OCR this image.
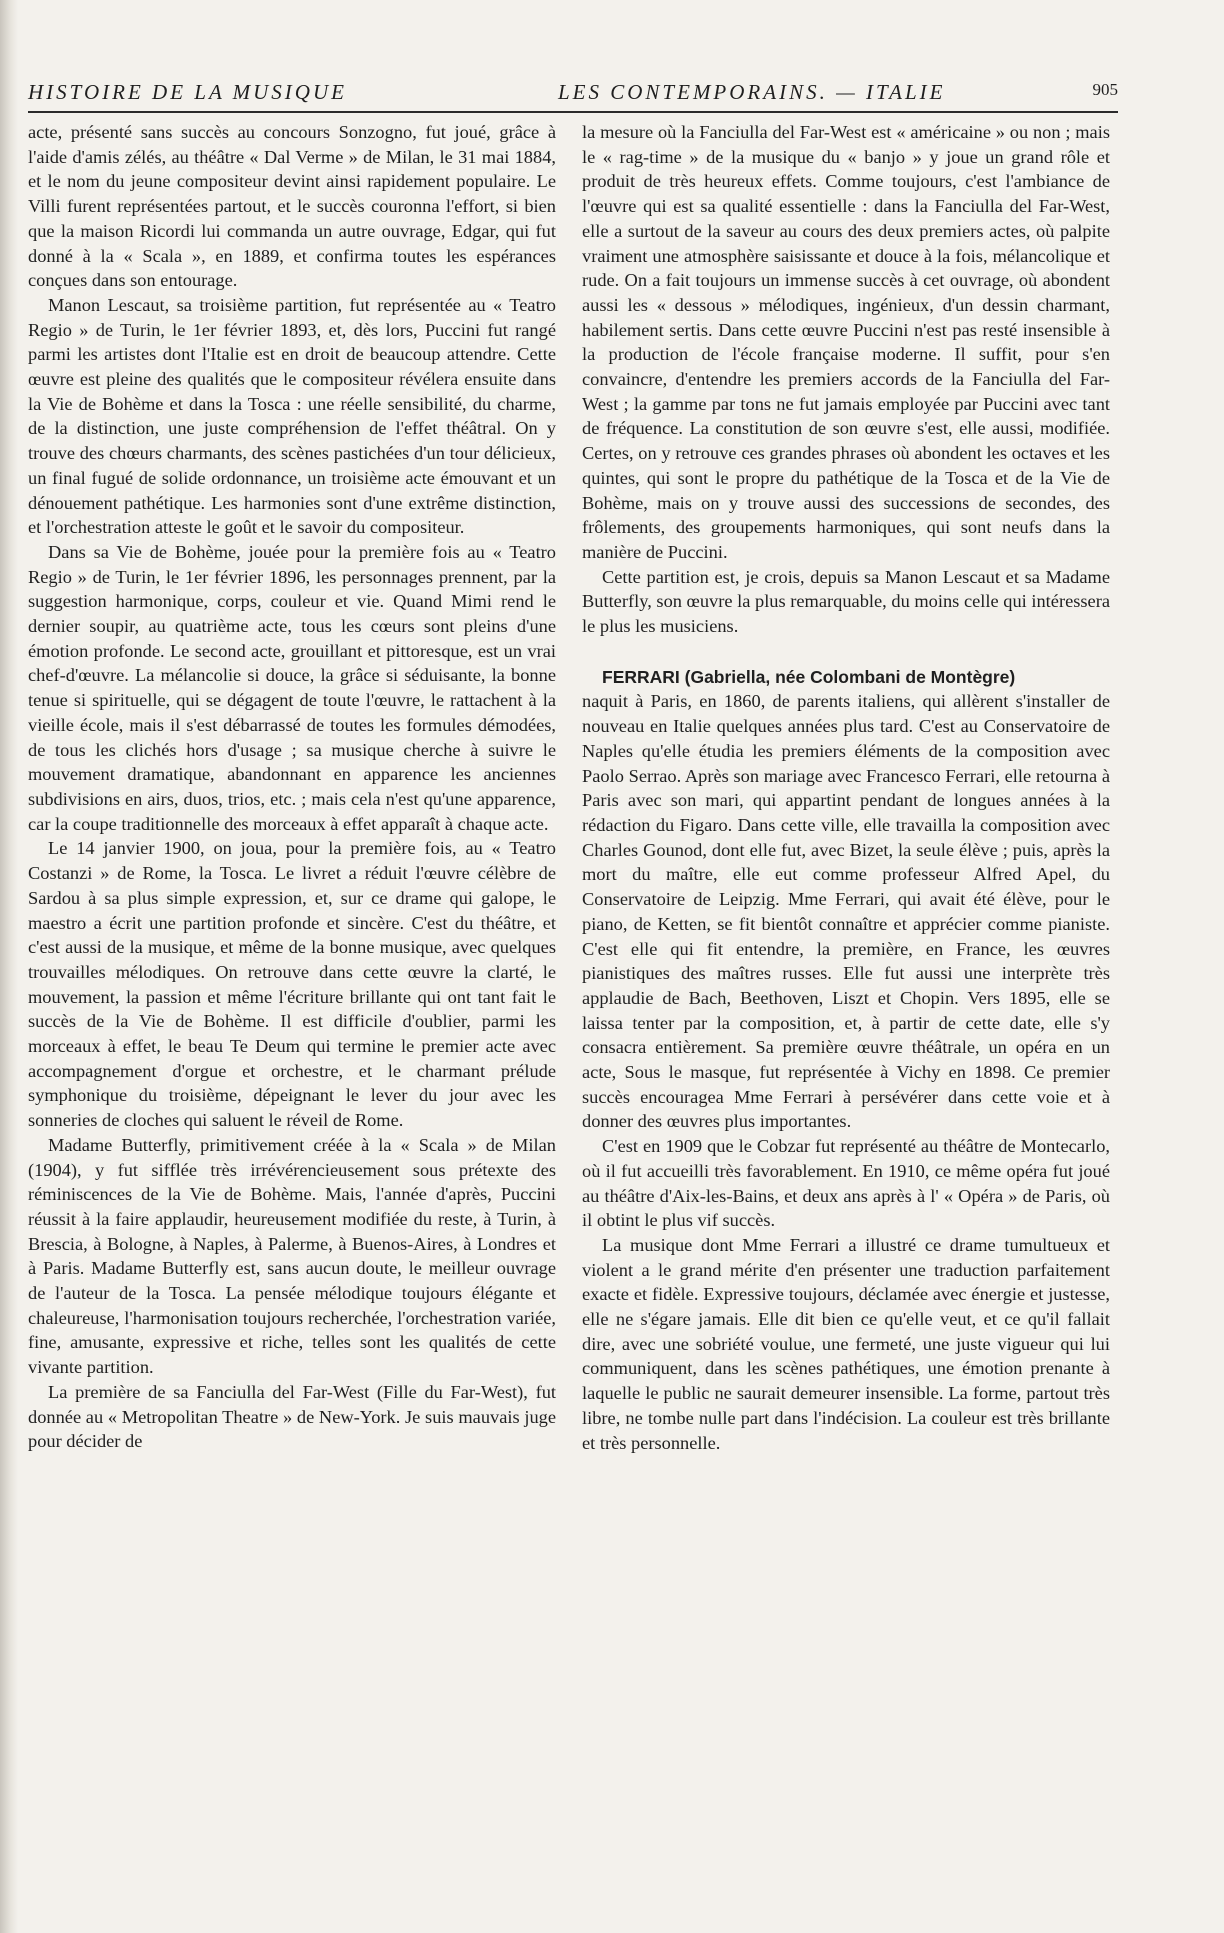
HISTOIRE DE LA MUSIQUE	LES CONTEMPORAINS. — ITALIE	905

acte, présenté sans succès au concours Sonzogno, fut joué, grâce à l'aide d'amis zélés, au théâtre « Dal Verme » de Milan, le 31 mai 1884, et le nom du jeune compositeur devint ainsi rapidement populaire. Le Villi furent représentées partout, et le succès couronna l'effort, si bien que la maison Ricordi lui commanda un autre ouvrage, Edgar, qui fut donné à la « Scala », en 1889, et confirma toutes les espérances conçues dans son entourage.

Manon Lescaut, sa troisième partition, fut représentée au « Teatro Regio » de Turin, le 1er février 1893, et, dès lors, Puccini fut rangé parmi les artistes dont l'Italie est en droit de beaucoup attendre. Cette œuvre est pleine des qualités que le compositeur révélera ensuite dans la Vie de Bohème et dans la Tosca : une réelle sensibilité, du charme, de la distinction, une juste compréhension de l'effet théâtral. On y trouve des chœurs charmants, des scènes pastichées d'un tour délicieux, un final fugué de solide ordonnance, un troisième acte émouvant et un dénouement pathétique. Les harmonies sont d'une extrême distinction, et l'orchestration atteste le goût et le savoir du compositeur.

Dans sa Vie de Bohème, jouée pour la première fois au « Teatro Regio » de Turin, le 1er février 1896, les personnages prennent, par la suggestion harmonique, corps, couleur et vie. Quand Mimi rend le dernier soupir, au quatrième acte, tous les cœurs sont pleins d'une émotion profonde. Le second acte, grouillant et pittoresque, est un vrai chef-d'œuvre. La mélancolie si douce, la grâce si séduisante, la bonne tenue si spirituelle, qui se dégagent de toute l'œuvre, le rattachent à la vieille école, mais il s'est débarrassé de toutes les formules démodées, de tous les clichés hors d'usage ; sa musique cherche à suivre le mouvement dramatique, abandonnant en apparence les anciennes subdivisions en airs, duos, trios, etc. ; mais cela n'est qu'une apparence, car la coupe traditionnelle des morceaux à effet apparaît à chaque acte.

Le 14 janvier 1900, on joua, pour la première fois, au « Teatro Costanzi » de Rome, la Tosca. Le livret a réduit l'œuvre célèbre de Sardou à sa plus simple expression, et, sur ce drame qui galope, le maestro a écrit une partition profonde et sincère. C'est du théâtre, et c'est aussi de la musique, et même de la bonne musique, avec quelques trouvailles mélodiques. On retrouve dans cette œuvre la clarté, le mouvement, la passion et même l'écriture brillante qui ont tant fait le succès de la Vie de Bohème. Il est difficile d'oublier, parmi les morceaux à effet, le beau Te Deum qui termine le premier acte avec accompagnement d'orgue et orchestre, et le charmant prélude symphonique du troisième, dépeignant le lever du jour avec les sonneries de cloches qui saluent le réveil de Rome.

Madame Butterfly, primitivement créée à la « Scala » de Milan (1904), y fut sifflée très irrévérencieusement sous prétexte des réminiscences de la Vie de Bohème. Mais, l'année d'après, Puccini réussit à la faire applaudir, heureusement modifiée du reste, à Turin, à Brescia, à Bologne, à Naples, à Palerme, à Buenos-Aires, à Londres et à Paris. Madame Butterfly est, sans aucun doute, le meilleur ouvrage de l'auteur de la Tosca. La pensée mélodique toujours élégante et chaleureuse, l'harmonisation toujours recherchée, l'orchestration variée, fine, amusante, expressive et riche, telles sont les qualités de cette vivante partition.

La première de sa Fanciulla del Far-West (Fille du Far-West), fut donnée au « Metropolitan Theatre » de New-York. Je suis mauvais juge pour décider de

la mesure où la Fanciulla del Far-West est « américaine » ou non ; mais le « rag-time » de la musique du « banjo » y joue un grand rôle et produit de très heureux effets. Comme toujours, c'est l'ambiance de l'œuvre qui est sa qualité essentielle : dans la Fanciulla del Far-West, elle a surtout de la saveur au cours des deux premiers actes, où palpite vraiment une atmosphère saisissante et douce à la fois, mélancolique et rude. On a fait toujours un immense succès à cet ouvrage, où abondent aussi les « dessous » mélodiques, ingénieux, d'un dessin charmant, habilement sertis. Dans cette œuvre Puccini n'est pas resté insensible à la production de l'école française moderne. Il suffit, pour s'en convaincre, d'entendre les premiers accords de la Fanciulla del Far-West ; la gamme par tons ne fut jamais employée par Puccini avec tant de fréquence. La constitution de son œuvre s'est, elle aussi, modifiée. Certes, on y retrouve ces grandes phrases où abondent les octaves et les quintes, qui sont le propre du pathétique de la Tosca et de la Vie de Bohème, mais on y trouve aussi des successions de secondes, des frôlements, des groupements harmoniques, qui sont neufs dans la manière de Puccini.

Cette partition est, je crois, depuis sa Manon Lescaut et sa Madame Butterfly, son œuvre la plus remarquable, du moins celle qui intéressera le plus les musiciens.

FERRARI (Gabriella, née Colombani de Montègre)

naquit à Paris, en 1860, de parents italiens, qui allèrent s'installer de nouveau en Italie quelques années plus tard. C'est au Conservatoire de Naples qu'elle étudia les premiers éléments de la composition avec Paolo Serrao. Après son mariage avec Francesco Ferrari, elle retourna à Paris avec son mari, qui appartint pendant de longues années à la rédaction du Figaro. Dans cette ville, elle travailla la composition avec Charles Gounod, dont elle fut, avec Bizet, la seule élève ; puis, après la mort du maître, elle eut comme professeur Alfred Apel, du Conservatoire de Leipzig. Mme Ferrari, qui avait été élève, pour le piano, de Ketten, se fit bientôt connaître et apprécier comme pianiste. C'est elle qui fit entendre, la première, en France, les œuvres pianistiques des maîtres russes. Elle fut aussi une interprète très applaudie de Bach, Beethoven, Liszt et Chopin. Vers 1895, elle se laissa tenter par la composition, et, à partir de cette date, elle s'y consacra entièrement. Sa première œuvre théâtrale, un opéra en un acte, Sous le masque, fut représentée à Vichy en 1898. Ce premier succès encouragea Mme Ferrari à persévérer dans cette voie et à donner des œuvres plus importantes.

C'est en 1909 que le Cobzar fut représenté au théâtre de Montecarlo, où il fut accueilli très favorablement. En 1910, ce même opéra fut joué au théâtre d'Aix-les-Bains, et deux ans après à l' « Opéra » de Paris, où il obtint le plus vif succès.

La musique dont Mme Ferrari a illustré ce drame tumultueux et violent a le grand mérite d'en présenter une traduction parfaitement exacte et fidèle. Expressive toujours, déclamée avec énergie et justesse, elle ne s'égare jamais. Elle dit bien ce qu'elle veut, et ce qu'il fallait dire, avec une sobriété voulue, une fermeté, une juste vigueur qui lui communiquent, dans les scènes pathétiques, une émotion prenante à laquelle le public ne saurait demeurer insensible. La forme, partout très libre, ne tombe nulle part dans l'indécision. La couleur est très brillante et très personnelle.
